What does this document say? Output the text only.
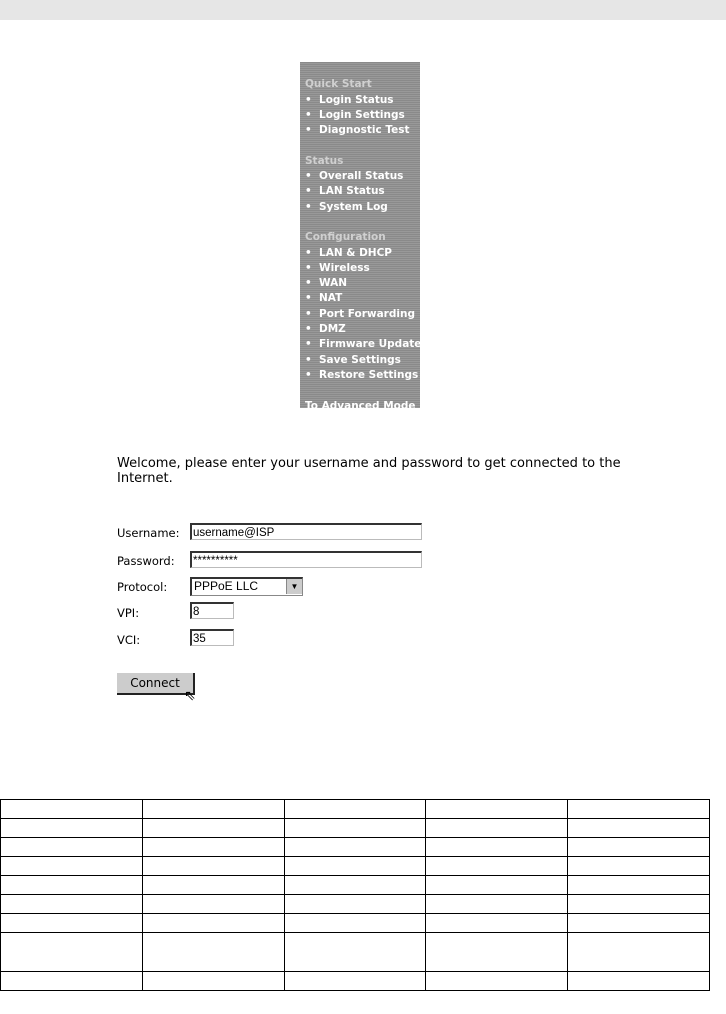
Quick Start
• Login Status
• Login Settings
• Diagnostic Test
Status
• Overall Status
• LAN Status
• System Log
Configuration
• LAN & DHCP
• Wireless
• WAN
• NAT
• Port Forwarding
• DMZ
• Firmware Update
• Save Settings
• Restore Settings
To Advanced Mode
Welcome, please enter your username and password to get connected to the Internet.
Username: username@ISP
Password: **********
Protocol:	PPPoE LLC	▼
VPI:	8
VCI:	35
Connect
⇖
